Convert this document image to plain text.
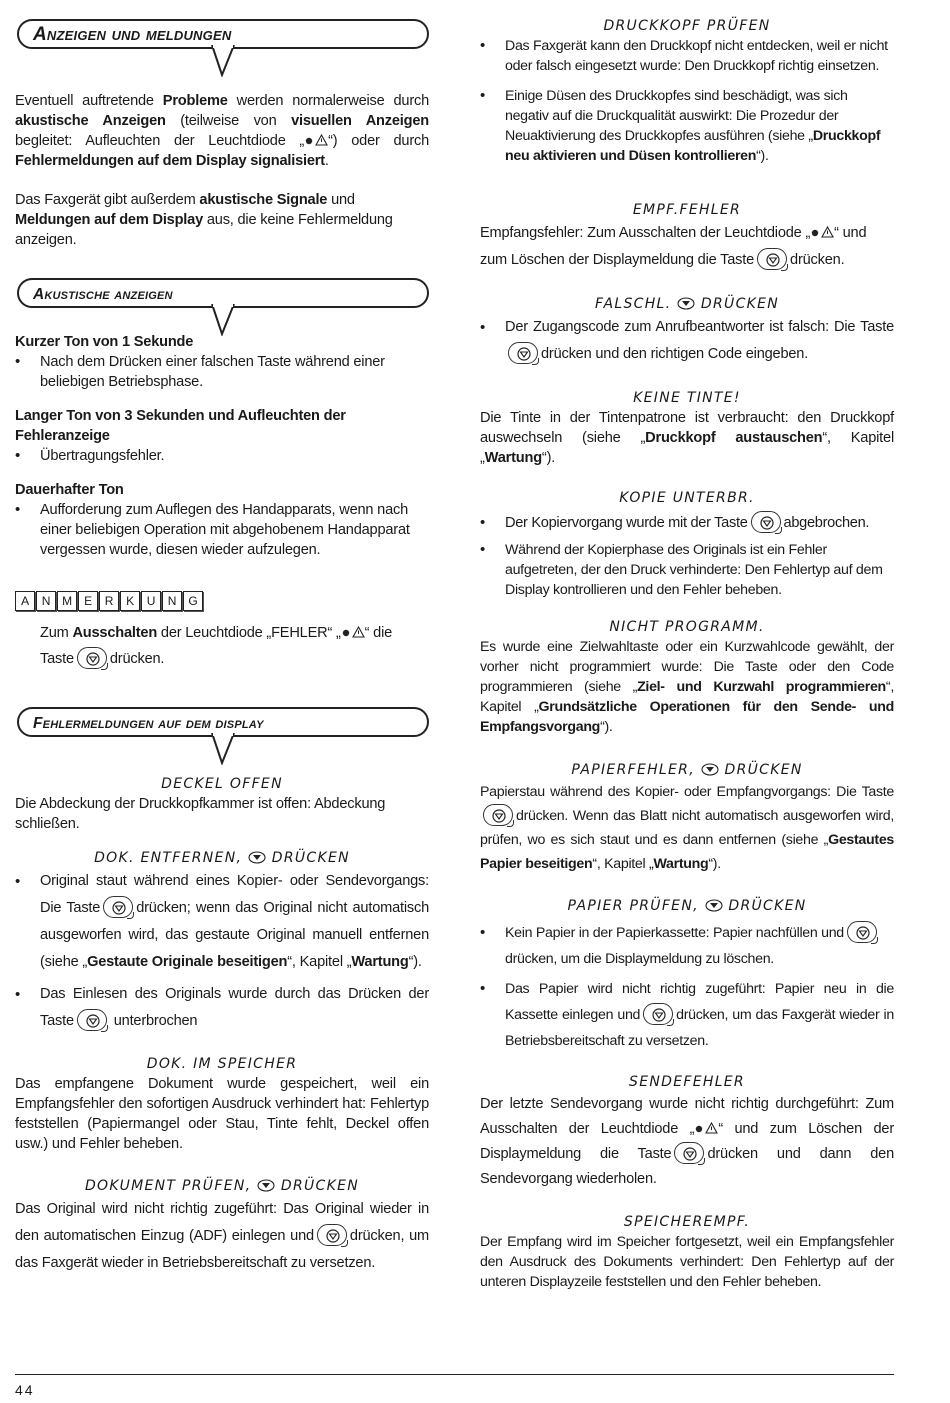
Anzeigen und meldungen

Eventuell auftretende Probleme werden normalerweise durch akustische Anzeigen (teilweise von visuellen Anzeigen begleitet: Aufleuchten der Leuchtdiode „ “) oder durch Fehlermeldungen auf dem Display signalisiert.

Das Faxgerät gibt außerdem akustische Signale und Meldungen auf dem Display aus, die keine Fehlermeldung anzeigen.

Akustische anzeigen

Kurzer Ton von 1 Sekunde

• Nach dem Drücken einer falschen Taste während einer beliebigen Betriebsphase.

Langer Ton von 3 Sekunden und Aufleuchten der Fehleranzeige

• Übertragungsfehler.

Dauerhafter Ton

• Aufforderung zum Auflegen des Handapparats, wenn nach einer beliebigen Operation mit abgehobenem Handapparat vergessen wurde, diesen wieder aufzulegen.

A	N M	E	R	K	U	N	G

Zum Ausschalten der Leuchtdiode „FEHLER“ „ “ die
Taste drücken.

Fehlermeldungen auf dem display

DECKEL OFFEN

Die Abdeckung der Druckkopfkammer ist offen: Abdeckung schließen.

DOK. ENTFERNEN, DRÜCKEN

• Original staut während eines Kopier- oder Sendevorgangs: Die Taste drücken; wenn das Original nicht automatisch ausgeworfen wird, das gestaute Original manuell entfernen (siehe „Gestaute Originale beseitigen“, Kapitel „Wartung“).

• Das Einlesen des Originals wurde durch das Drücken der Taste	unterbrochen

DOK. IM SPEICHER

Das empfangene Dokument wurde gespeichert, weil ein Empfangsfehler den sofortigen Ausdruck verhindert hat: Fehlertyp feststellen (Papiermangel oder Stau, Tinte fehlt, Deckel offen usw.) und Fehler beheben.

DOKUMENT PRÜFEN, DRÜCKEN

Das Original wird nicht richtig zugeführt: Das Original wieder in den automatischen Einzug (ADF) einlegen und drücken, um das Faxgerät wieder in Betriebsbereitschaft zu versetzen.

DRUCKKOPF PRÜFEN

• Das Faxgerät kann den Druckkopf nicht entdecken, weil er nicht oder falsch eingesetzt wurde: Den Druckkopf richtig einsetzen.

• Einige Düsen des Druckkopfes sind beschädigt, was sich negativ auf die Druckqualität auswirkt: Die Prozedur der Neuaktivierung des Druckkopfes ausführen (siehe „Druckkopf neu aktivieren und Düsen kontrollieren“).

EMPF.FEHLER

Empfangsfehler: Zum Ausschalten der Leuchtdiode „ “ und zum Löschen der Displaymeldung die Taste drücken.

FALSCHL. DRÜCKEN

• Der Zugangscode zum Anrufbeantworter ist falsch: Die Taste
drücken und den richtigen Code eingeben.

KEINE TINTE!

Die Tinte in der Tintenpatrone ist verbraucht: den Druckkopf auswechseln (siehe „Druckkopf austauschen“, Kapitel „Wartung“).

KOPIE UNTERBR.

• Der Kopiervorgang wurde mit der Taste abgebrochen.

• Während der Kopierphase des Originals ist ein Fehler aufgetreten, der den Druck verhinderte: Den Fehlertyp auf dem Display kontrollieren und den Fehler beheben.

NICHT PROGRAMM.

Es wurde eine Zielwahltaste oder ein Kurzwahlcode gewählt, der vorher nicht programmiert wurde: Die Taste oder den Code programmieren (siehe „Ziel- und Kurzwahl programmieren“, Kapitel „Grundsätzliche Operationen für den Sende- und Empfangsvorgang“).

PAPIERFEHLER, DRÜCKEN

Papierstau während des Kopier- oder Empfangvorgangs: Die Taste
drücken. Wenn das Blatt nicht automatisch ausgeworfen wird, prüfen, wo es sich staut und es dann entfernen (siehe „Gestautes Papier beseitigen“, Kapitel „Wartung“).

PAPIER PRÜFEN, DRÜCKEN

• Kein Papier in der Papierkassette: Papier nachfüllen und
drücken, um die Displaymeldung zu löschen.

• Das Papier wird nicht richtig zugeführt: Papier neu in die Kassette einlegen und	drücken, um das Faxgerät wieder in Betriebsbereitschaft zu versetzen.

SENDEFEHLER

Der letzte Sendevorgang wurde nicht richtig durchgeführt: Zum Ausschalten der Leuchtdiode „ “ und zum Löschen der Displaymeldung die Taste drücken und dann den Sendevorgang wiederholen.

SPEICHEREMPF.

Der Empfang wird im Speicher fortgesetzt, weil ein Empfangsfehler den Ausdruck des Dokuments verhindert: Den Fehlertyp auf der unteren Displayzeile feststellen und den Fehler beheben.

44
